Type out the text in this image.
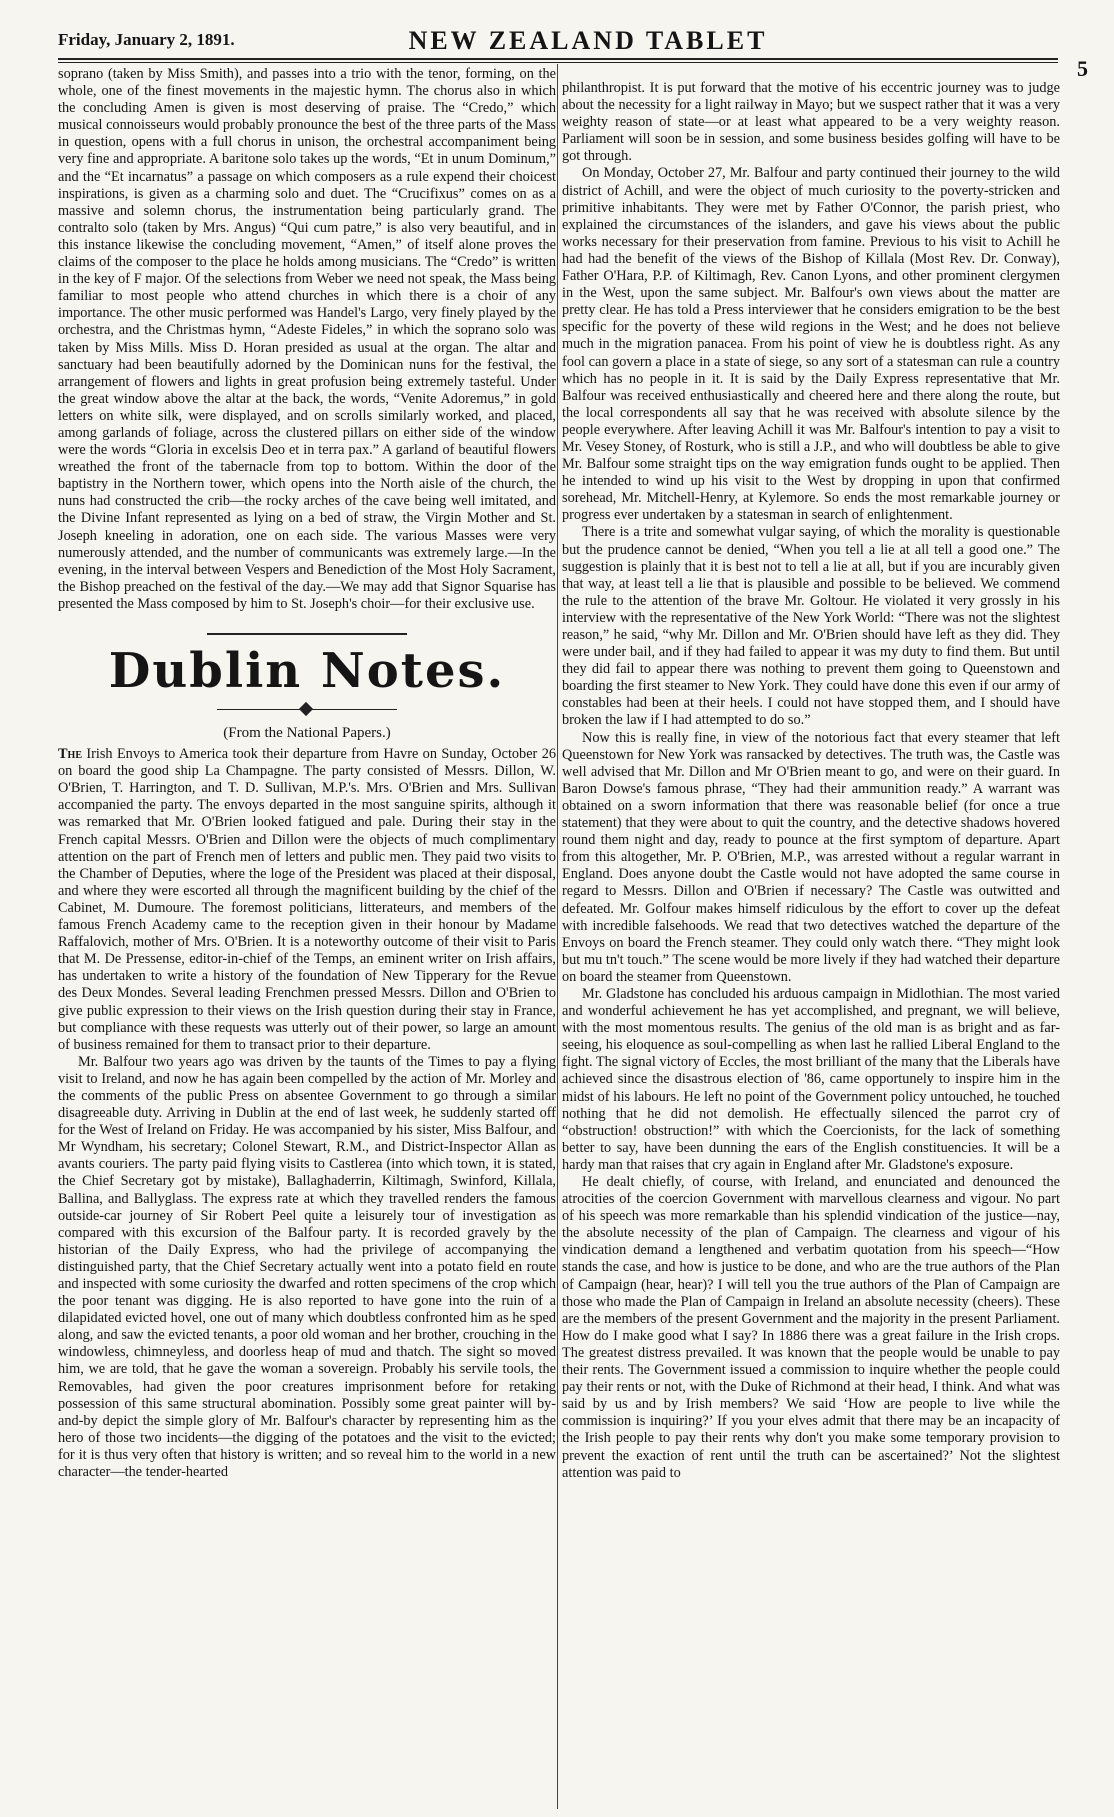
Friday, January 2, 1891.	NEW ZEALAND TABLET
5

soprano (taken by Miss Smith), and passes into a trio with the tenor, forming, on the whole, one of the finest movements in the majestic hymn. The chorus also in which the concluding Amen is given is most deserving of praise. The “Credo,” which musical connoisseurs would probably pronounce the best of the three parts of the Mass in question, opens with a full chorus in unison, the orchestral accompaniment being very fine and appropriate. A baritone solo takes up the words, “Et in unum Dominum,” and the “Et incarnatus” a passage on which composers as a rule expend their choicest inspirations, is given as a charming solo and duet. The “Crucifixus” comes on as a massive and solemn chorus, the instrumentation being particularly grand. The contralto solo (taken by Mrs. Angus) “Qui cum patre,” is also very beautiful, and in this instance likewise the concluding movement, “Amen,” of itself alone proves the claims of the composer to the place he holds among musicians. The “Credo” is written in the key of F major. Of the selections from Weber we need not speak, the Mass being familiar to most people who attend churches in which there is a choir of any importance. The other music performed was Handel's Largo, very finely played by the orchestra, and the Christmas hymn, “Adeste Fideles,” in which the soprano solo was taken by Miss Mills. Miss D. Horan presided as usual at the organ. The altar and sanctuary had been beautifully adorned by the Dominican nuns for the festival, the arrangement of flowers and lights in great profusion being extremely tasteful. Under the great window above the altar at the back, the words, “Venite Adoremus,” in gold letters on white silk, were displayed, and on scrolls similarly worked, and placed, among garlands of foliage, across the clustered pillars on either side of the window were the words “Gloria in excelsis Deo et in terra pax.” A garland of beautiful flowers wreathed the front of the tabernacle from top to bottom. Within the door of the baptistry in the Northern tower, which opens into the North aisle of the church, the nuns had constructed the crib—the rocky arches of the cave being well imitated, and the Divine Infant represented as lying on a bed of straw, the Virgin Mother and St. Joseph kneeling in adoration, one on each side. The various Masses were very numerously attended, and the number of communicants was extremely large.—In the evening, in the interval between Vespers and Benediction of the Most Holy Sacrament, the Bishop preached on the festival of the day.—We may add that Signor Squarise has presented the Mass composed by him to St. Joseph's choir—for their exclusive use.

Dublin Notes.
(From the National Papers.)

The Irish Envoys to America took their departure from Havre on Sunday, October 26 on board the good ship La Champagne. The party consisted of Messrs. Dillon, W. O'Brien, T. Harrington, and T. D. Sullivan, M.P.'s. Mrs. O'Brien and Mrs. Sullivan accompanied the party. The envoys departed in the most sanguine spirits, although it was remarked that Mr. O'Brien looked fatigued and pale. During their stay in the French capital Messrs. O'Brien and Dillon were the objects of much complimentary attention on the part of French men of letters and public men. They paid two visits to the Chamber of Deputies, where the loge of the President was placed at their disposal, and where they were escorted all through the magnificent building by the chief of the Cabinet, M. Dumoure. The foremost politicians, litterateurs, and members of the famous French Academy came to the reception given in their honour by Madame Raffalovich, mother of Mrs. O'Brien. It is a noteworthy outcome of their visit to Paris that M. De Pressense, editor-in-chief of the Temps, an eminent writer on Irish affairs, has undertaken to write a history of the foundation of New Tipperary for the Revue des Deux Mondes. Several leading Frenchmen pressed Messrs. Dillon and O'Brien to give public expression to their views on the Irish question during their stay in France, but compliance with these requests was utterly out of their power, so large an amount of business remained for them to transact prior to their departure.

Mr. Balfour two years ago was driven by the taunts of the Times to pay a flying visit to Ireland, and now he has again been compelled by the action of Mr. Morley and the comments of the public Press on absentee Government to go through a similar disagreeable duty. Arriving in Dublin at the end of last week, he suddenly started off for the West of Ireland on Friday. He was accompanied by his sister, Miss Balfour, and Mr Wyndham, his secretary; Colonel Stewart, R.M., and District-Inspector Allan as avants couriers. The party paid flying visits to Castlerea (into which town, it is stated, the Chief Secretary got by mistake), Ballaghaderrin, Kiltimagh, Swinford, Killala, Ballina, and Ballyglass. The express rate at which they travelled renders the famous outside-car journey of Sir Robert Peel quite a leisurely tour of investigation as compared with this excursion of the Balfour party. It is recorded gravely by the historian of the Daily Express, who had the privilege of accompanying the distinguished party, that the Chief Secretary actually went into a potato field en route and inspected with some curiosity the dwarfed and rotten specimens of the crop which the poor tenant was digging. He is also reported to have gone into the ruin of a dilapidated evicted hovel, one out of many which doubtless confronted him as he sped along, and saw the evicted tenants, a poor old woman and her brother, crouching in the windowless, chimneyless, and doorless heap of mud and thatch. The sight so moved him, we are told, that he gave the woman a sovereign. Probably his servile tools, the Removables, had given the poor creatures imprisonment before for retaking possession of this same structural abomination. Possibly some great painter will by-and-by depict the simple glory of Mr. Balfour's character by representing him as the hero of those two incidents—the digging of the potatoes and the visit to the evicted; for it is thus very often that history is written; and so reveal him to the world in a new character—the tender-hearted

philanthropist. It is put forward that the motive of his eccentric journey was to judge about the necessity for a light railway in Mayo; but we suspect rather that it was a very weighty reason of state—or at least what appeared to be a very weighty reason. Parliament will soon be in session, and some business besides golfing will have to be got through.

On Monday, October 27, Mr. Balfour and party continued their journey to the wild district of Achill, and were the object of much curiosity to the poverty-stricken and primitive inhabitants. They were met by Father O'Connor, the parish priest, who explained the circumstances of the islanders, and gave his views about the public works necessary for their preservation from famine. Previous to his visit to Achill he had had the benefit of the views of the Bishop of Killala (Most Rev. Dr. Conway), Father O'Hara, P.P. of Kiltimagh, Rev. Canon Lyons, and other prominent clergymen in the West, upon the same subject. Mr. Balfour's own views about the matter are pretty clear. He has told a Press interviewer that he considers emigration to be the best specific for the poverty of these wild regions in the West; and he does not believe much in the migration panacea. From his point of view he is doubtless right. As any fool can govern a place in a state of siege, so any sort of a statesman can rule a country which has no people in it. It is said by the Daily Express representative that Mr. Balfour was received enthusiastically and cheered here and there along the route, but the local correspondents all say that he was received with absolute silence by the people everywhere. After leaving Achill it was Mr. Balfour's intention to pay a visit to Mr. Vesey Stoney, of Rosturk, who is still a J.P., and who will doubtless be able to give Mr. Balfour some straight tips on the way emigration funds ought to be applied. Then he intended to wind up his visit to the West by dropping in upon that confirmed sorehead, Mr. Mitchell-Henry, at Kylemore. So ends the most remarkable journey or progress ever undertaken by a statesman in search of enlightenment.

There is a trite and somewhat vulgar saying, of which the morality is questionable but the prudence cannot be denied, “When you tell a lie at all tell a good one.” The suggestion is plainly that it is best not to tell a lie at all, but if you are incurably given that way, at least tell a lie that is plausible and possible to be believed. We commend the rule to the attention of the brave Mr. Goltour. He violated it very grossly in his interview with the representative of the New York World: “There was not the slightest reason,” he said, “why Mr. Dillon and Mr. O'Brien should have left as they did. They were under bail, and if they had failed to appear it was my duty to find them. But until they did fail to appear there was nothing to prevent them going to Queenstown and boarding the first steamer to New York. They could have done this even if our army of constables had been at their heels. I could not have stopped them, and I should have broken the law if I had attempted to do so.”

Now this is really fine, in view of the notorious fact that every steamer that left Queenstown for New York was ransacked by detectives. The truth was, the Castle was well advised that Mr. Dillon and Mr O'Brien meant to go, and were on their guard. In Baron Dowse's famous phrase, “They had their ammunition ready.” A warrant was obtained on a sworn information that there was reasonable belief (for once a true statement) that they were about to quit the country, and the detective shadows hovered round them night and day, ready to pounce at the first symptom of departure. Apart from this altogether, Mr. P. O'Brien, M.P., was arrested without a regular warrant in England. Does anyone doubt the Castle would not have adopted the same course in regard to Messrs. Dillon and O'Brien if necessary? The Castle was outwitted and defeated. Mr. Golfour makes himself ridiculous by the effort to cover up the defeat with incredible falsehoods. We read that two detectives watched the departure of the Envoys on board the French steamer. They could only watch there. “They might look but mu tn't touch.” The scene would be more lively if they had watched their departure on board the steamer from Queenstown.

Mr. Gladstone has concluded his arduous campaign in Midlothian. The most varied and wonderful achievement he has yet accomplished, and pregnant, we will believe, with the most momentous results. The genius of the old man is as bright and as far-seeing, his eloquence as soul-compelling as when last he rallied Liberal England to the fight. The signal victory of Eccles, the most brilliant of the many that the Liberals have achieved since the disastrous election of '86, came opportunely to inspire him in the midst of his labours. He left no point of the Government policy untouched, he touched nothing that he did not demolish. He effectually silenced the parrot cry of “obstruction! obstruction!” with which the Coercionists, for the lack of something better to say, have been dunning the ears of the English constituencies. It will be a hardy man that raises that cry again in England after Mr. Gladstone's exposure.

He dealt chiefly, of course, with Ireland, and enunciated and denounced the atrocities of the coercion Government with marvellous clearness and vigour. No part of his speech was more remarkable than his splendid vindication of the justice—nay, the absolute necessity of the plan of Campaign. The clearness and vigour of his vindication demand a lengthened and verbatim quotation from his speech—“How stands the case, and how is justice to be done, and who are the true authors of the Plan of Campaign (hear, hear)? I will tell you the true authors of the Plan of Campaign are those who made the Plan of Campaign in Ireland an absolute necessity (cheers). These are the members of the present Government and the majority in the present Parliament. How do I make good what I say? In 1886 there was a great failure in the Irish crops. The greatest distress prevailed. It was known that the people would be unable to pay their rents. The Government issued a commission to inquire whether the people could pay their rents or not, with the Duke of Richmond at their head, I think. And what was said by us and by Irish members? We said ‘How are people to live while the commission is inquiring?’ If you your elves admit that there may be an incapacity of the Irish people to pay their rents why don't you make some temporary provision to prevent the exaction of rent until the truth can be ascertained?’ Not the slightest attention was paid to
